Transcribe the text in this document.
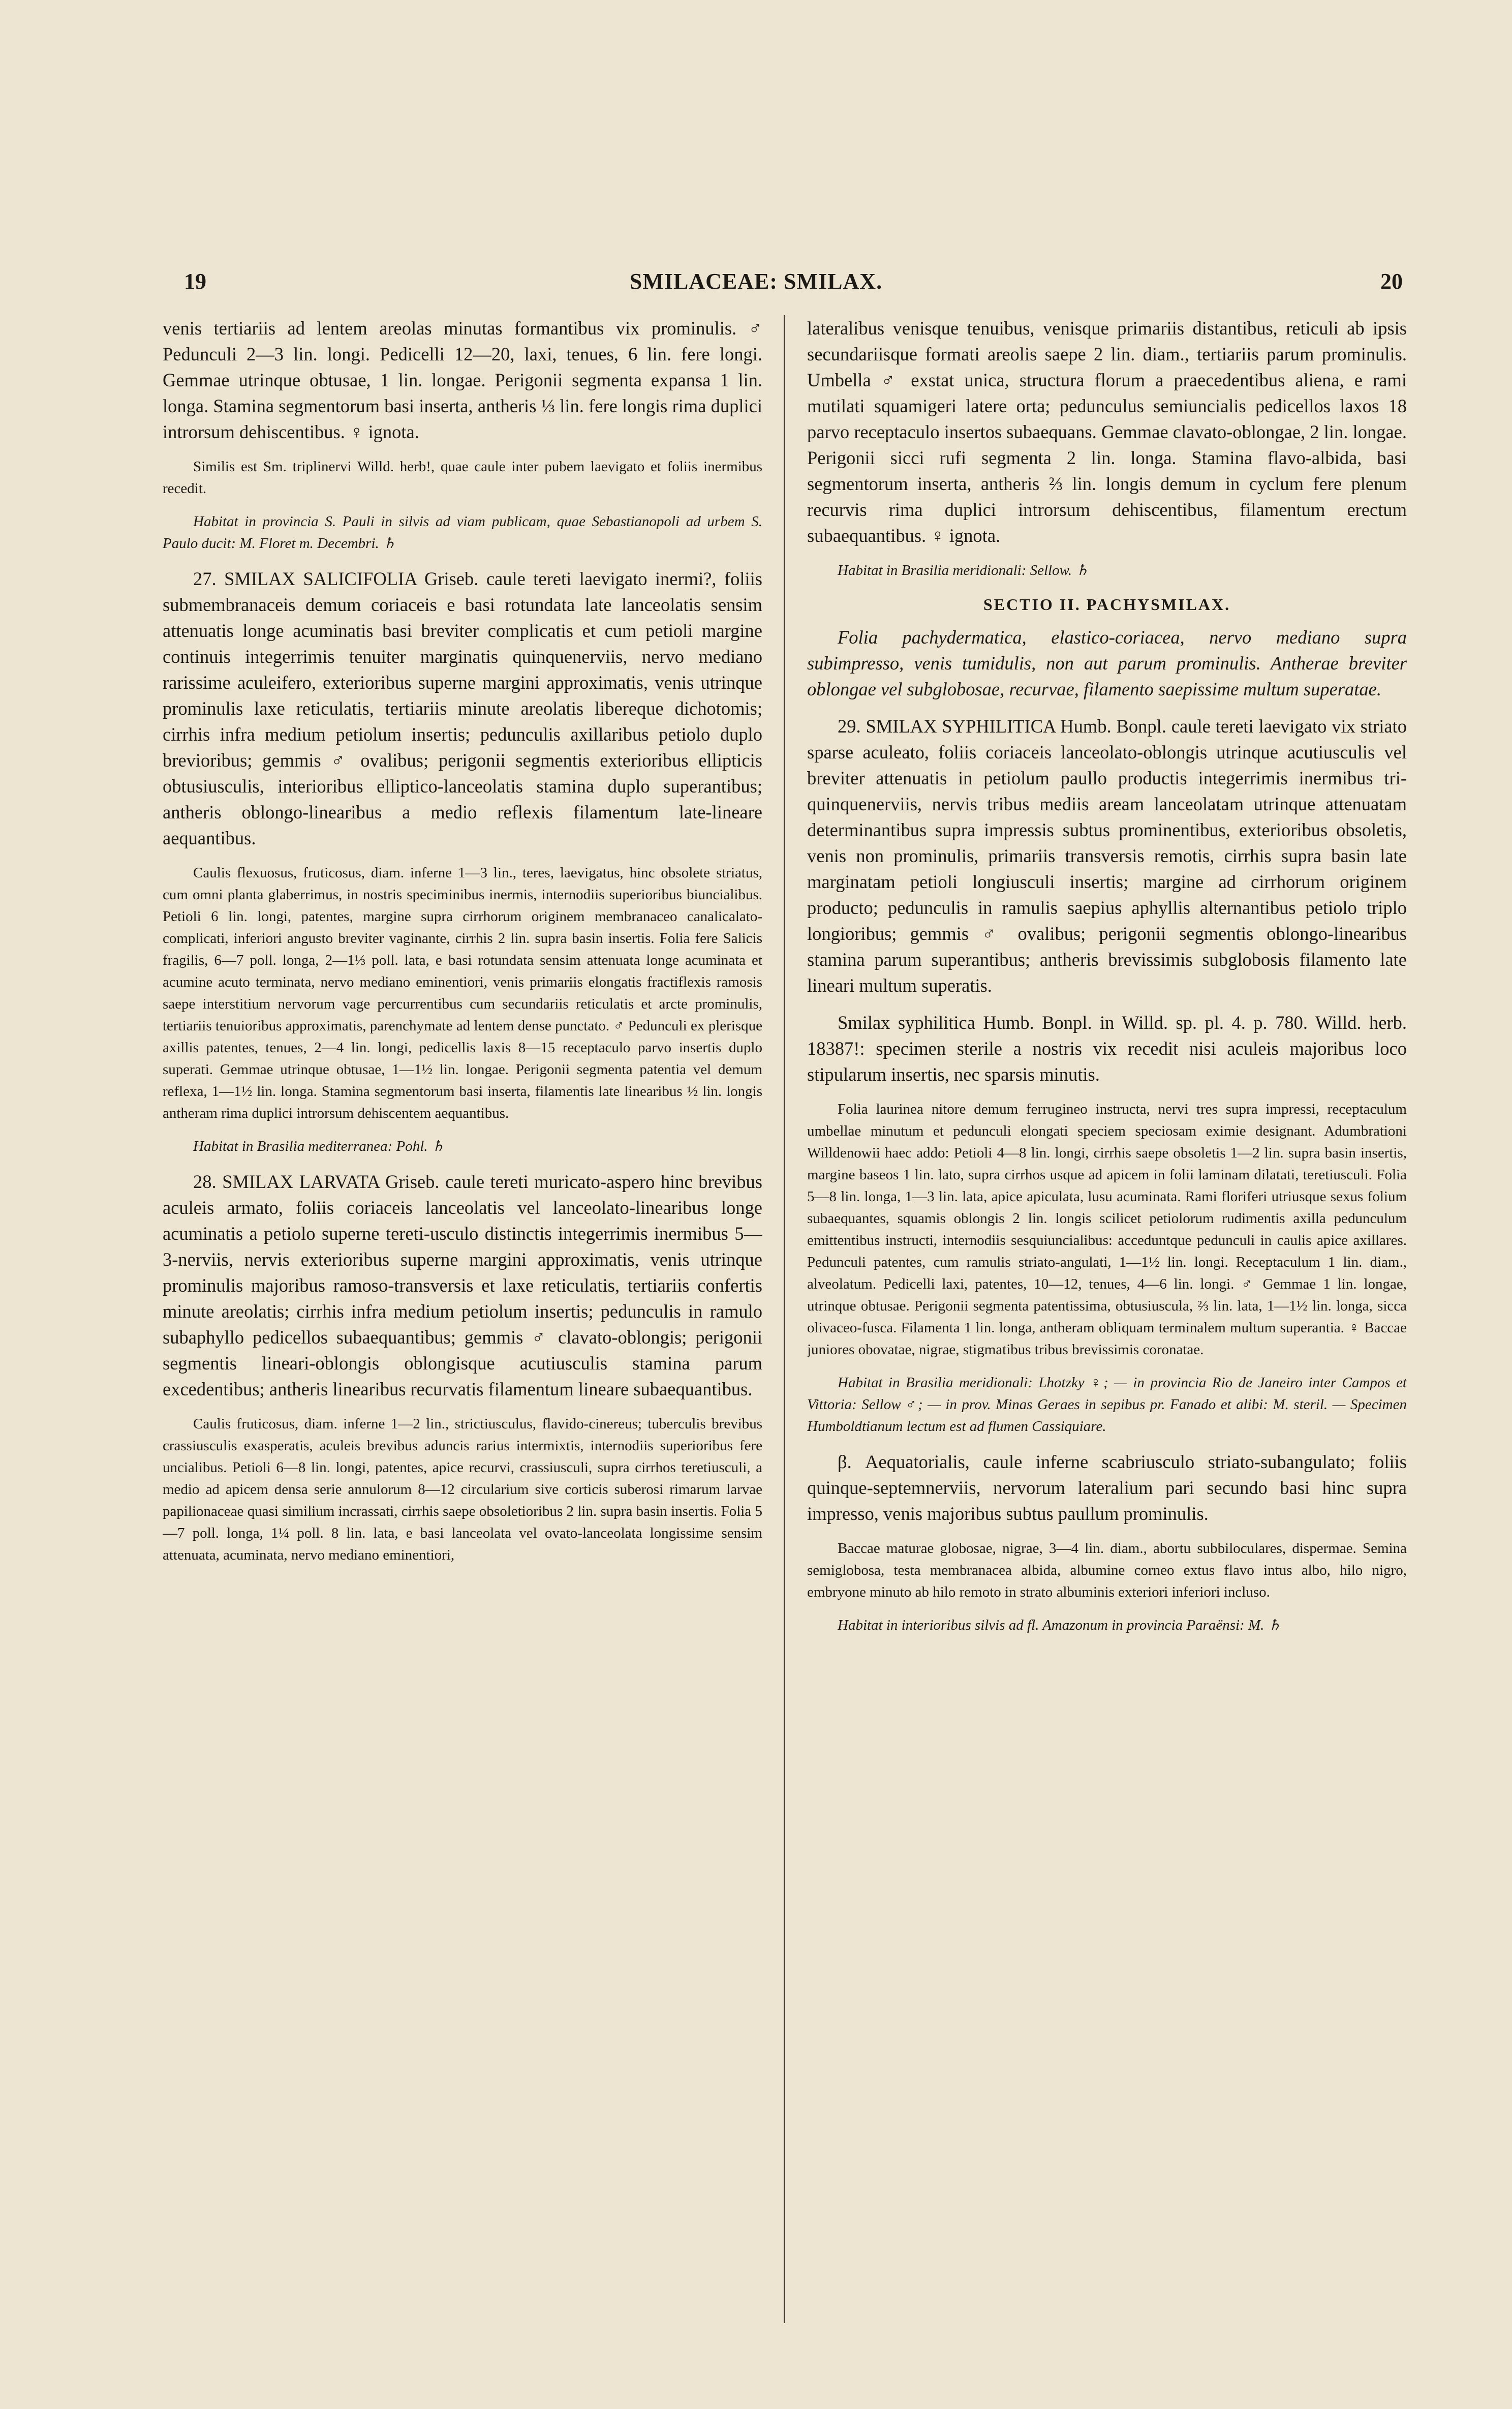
19	SMILACEAE: SMILAX.	20

venis tertiariis ad lentem areolas minutas formantibus vix prominulis. ♂ Pedunculi 2—3 lin. longi. Pedicelli 12—20, laxi, tenues, 6 lin. fere longi. Gemmae utrinque obtusae, 1 lin. longae. Perigonii segmenta expansa 1 lin. longa. Stamina segmentorum basi inserta, antheris ⅓ lin. fere longis rima duplici introrsum dehiscentibus. ♀ ignota.

Similis est Sm. triplinervi Willd. herb!, quae caule inter pubem laevigato et foliis inermibus recedit.

Habitat in provincia S. Pauli in silvis ad viam publicam, quae Sebastianopoli ad urbem S. Paulo ducit: M. Floret m. Decembri. ♄

27. SMILAX SALICIFOLIA Griseb. caule tereti laevigato inermi?, foliis submembranaceis demum coriaceis e basi rotundata late lanceolatis sensim attenuatis longe acuminatis basi breviter complicatis et cum petioli margine continuis integerrimis tenuiter marginatis quinquenerviis, nervo mediano rarissime aculeifero, exterioribus superne margini approximatis, venis utrinque prominulis laxe reticulatis, tertiariis minute areolatis libereque dichotomis; cirrhis infra medium petiolum insertis; pedunculis axillaribus petiolo duplo brevioribus; gemmis ♂ ovalibus; perigonii segmentis exterioribus ellipticis obtusiusculis, interioribus elliptico-lanceolatis stamina duplo superantibus; antheris oblongo-linearibus a medio reflexis filamentum late-lineare aequantibus.

Caulis flexuosus, fruticosus, diam. inferne 1—3 lin., teres, laevigatus, hinc obsolete striatus, cum omni planta glaberrimus, in nostris speciminibus inermis, internodiis superioribus biuncialibus. Petioli 6 lin. longi, patentes, margine supra cirrhorum originem membranaceo canalicalato-complicati, inferiori angusto breviter vaginante, cirrhis 2 lin. supra basin insertis. Folia fere Salicis fragilis, 6—7 poll. longa, 2—1⅓ poll. lata, e basi rotundata sensim attenuata longe acuminata et acumine acuto terminata, nervo mediano eminentiori, venis primariis elongatis fractiflexis ramosis saepe interstitium nervorum vage percurrentibus cum secundariis reticulatis et arcte prominulis, tertiariis tenuioribus approximatis, parenchymate ad lentem dense punctato. ♂ Pedunculi ex plerisque axillis patentes, tenues, 2—4 lin. longi, pedicellis laxis 8—15 receptaculo parvo insertis duplo superati. Gemmae utrinque obtusae, 1—1½ lin. longae. Perigonii segmenta patentia vel demum reflexa, 1—1½ lin. longa. Stamina segmentorum basi inserta, filamentis late linearibus ½ lin. longis antheram rima duplici introrsum dehiscentem aequantibus.

Habitat in Brasilia mediterranea: Pohl. ♄

28. SMILAX LARVATA Griseb. caule tereti muricato-aspero hinc brevibus aculeis armato, foliis coriaceis lanceolatis vel lanceolato-linearibus longe acuminatis a petiolo superne tereti-usculo distinctis integerrimis inermibus 5—3-nerviis, nervis exterioribus superne margini approximatis, venis utrinque prominulis majoribus ramoso-transversis et laxe reticulatis, tertiariis confertis minute areolatis; cirrhis infra medium petiolum insertis; pedunculis in ramulo subaphyllo pedicellos subaequantibus; gemmis ♂ clavato-oblongis; perigonii segmentis lineari-oblongis oblongisque acutiusculis stamina parum excedentibus; antheris linearibus recurvatis filamentum lineare subaequantibus.

Caulis fruticosus, diam. inferne 1—2 lin., strictiusculus, flavido-cinereus; tuberculis brevibus crassiusculis exasperatis, aculeis brevibus aduncis rarius intermixtis, internodiis superioribus fere uncialibus. Petioli 6—8 lin. longi, patentes, apice recurvi, crassiusculi, supra cirrhos teretiusculi, a medio ad apicem densa serie annulorum 8—12 circularium sive corticis suberosi rimarum larvae papilionaceae quasi similium incrassati, cirrhis saepe obsoletioribus 2 lin. supra basin insertis. Folia 5—7 poll. longa, 1¼ poll. 8 lin. lata, e basi lanceolata vel ovato-lanceolata longissime sensim attenuata, acuminata, nervo mediano eminentiori,

lateralibus venisque tenuibus, venisque primariis distantibus, reticuli ab ipsis secundariisque formati areolis saepe 2 lin. diam., tertiariis parum prominulis. Umbella ♂ exstat unica, structura florum a praecedentibus aliena, e rami mutilati squamigeri latere orta; pedunculus semiuncialis pedicellos laxos 18 parvo receptaculo insertos subaequans. Gemmae clavato-oblongae, 2 lin. longae. Perigonii sicci rufi segmenta 2 lin. longa. Stamina flavo-albida, basi segmentorum inserta, antheris ⅔ lin. longis demum in cyclum fere plenum recurvis rima duplici introrsum dehiscentibus, filamentum erectum subaequantibus. ♀ ignota.

Habitat in Brasilia meridionali: Sellow. ♄

SECTIO II. PACHYSMILAX.

Folia pachydermatica, elastico-coriacea, nervo mediano supra subimpresso, venis tumidulis, non aut parum prominulis. Antherae breviter oblongae vel subglobosae, recurvae, filamento saepissime multum superatae.

29. SMILAX SYPHILITICA Humb. Bonpl. caule tereti laevigato vix striato sparse aculeato, foliis coriaceis lanceolato-oblongis utrinque acutiusculis vel breviter attenuatis in petiolum paullo productis integerrimis inermibus tri-quinquenerviis, nervis tribus mediis aream lanceolatam utrinque attenuatam determinantibus supra impressis subtus prominentibus, exterioribus obsoletis, venis non prominulis, primariis transversis remotis, cirrhis supra basin late marginatam petioli longiusculi insertis; margine ad cirrhorum originem producto; pedunculis in ramulis saepius aphyllis alternantibus petiolo triplo longioribus; gemmis ♂ ovalibus; perigonii segmentis oblongo-linearibus stamina parum superantibus; antheris brevissimis subglobosis filamento late lineari multum superatis.

Smilax syphilitica Humb. Bonpl. in Willd. sp. pl. 4. p. 780. Willd. herb. 18387!: specimen sterile a nostris vix recedit nisi aculeis majoribus loco stipularum insertis, nec sparsis minutis.

Folia laurinea nitore demum ferrugineo instructa, nervi tres supra impressi, receptaculum umbellae minutum et pedunculi elongati speciem speciosam eximie designant. Adumbrationi Willdenowii haec addo: Petioli 4—8 lin. longi, cirrhis saepe obsoletis 1—2 lin. supra basin insertis, margine baseos 1 lin. lato, supra cirrhos usque ad apicem in folii laminam dilatati, teretiusculi. Folia 5—8 lin. longa, 1—3 lin. lata, apice apiculata, lusu acuminata. Rami floriferi utriusque sexus folium subaequantes, squamis oblongis 2 lin. longis scilicet petiolorum rudimentis axilla pedunculum emittentibus instructi, internodiis sesquiuncialibus: acceduntque pedunculi in caulis apice axillares. Pedunculi patentes, cum ramulis striato-angulati, 1—1½ lin. longi. Receptaculum 1 lin. diam., alveolatum. Pedicelli laxi, patentes, 10—12, tenues, 4—6 lin. longi. ♂ Gemmae 1 lin. longae, utrinque obtusae. Perigonii segmenta patentissima, obtusiuscula, ⅔ lin. lata, 1—1½ lin. longa, sicca olivaceo-fusca. Filamenta 1 lin. longa, antheram obliquam terminalem multum superantia. ♀ Baccae juniores obovatae, nigrae, stigmatibus tribus brevissimis coronatae.

Habitat in Brasilia meridionali: Lhotzky ♀; — in provincia Rio de Janeiro inter Campos et Vittoria: Sellow ♂; — in prov. Minas Geraes in sepibus pr. Fanado et alibi: M. steril. — Specimen Humboldtianum lectum est ad flumen Cassiquiare.

β. Aequatorialis, caule inferne scabriusculo striato-subangulato; foliis quinque-septemnerviis, nervorum lateralium pari secundo basi hinc supra impresso, venis majoribus subtus paullum prominulis.

Baccae maturae globosae, nigrae, 3—4 lin. diam., abortu subbiloculares, dispermae. Semina semiglobosa, testa membranacea albida, albumine corneo extus flavo intus albo, hilo nigro, embryone minuto ab hilo remoto in strato albuminis exteriori inferiori incluso.

Habitat in interioribus silvis ad fl. Amazonum in provincia Paraënsi: M. ♄
